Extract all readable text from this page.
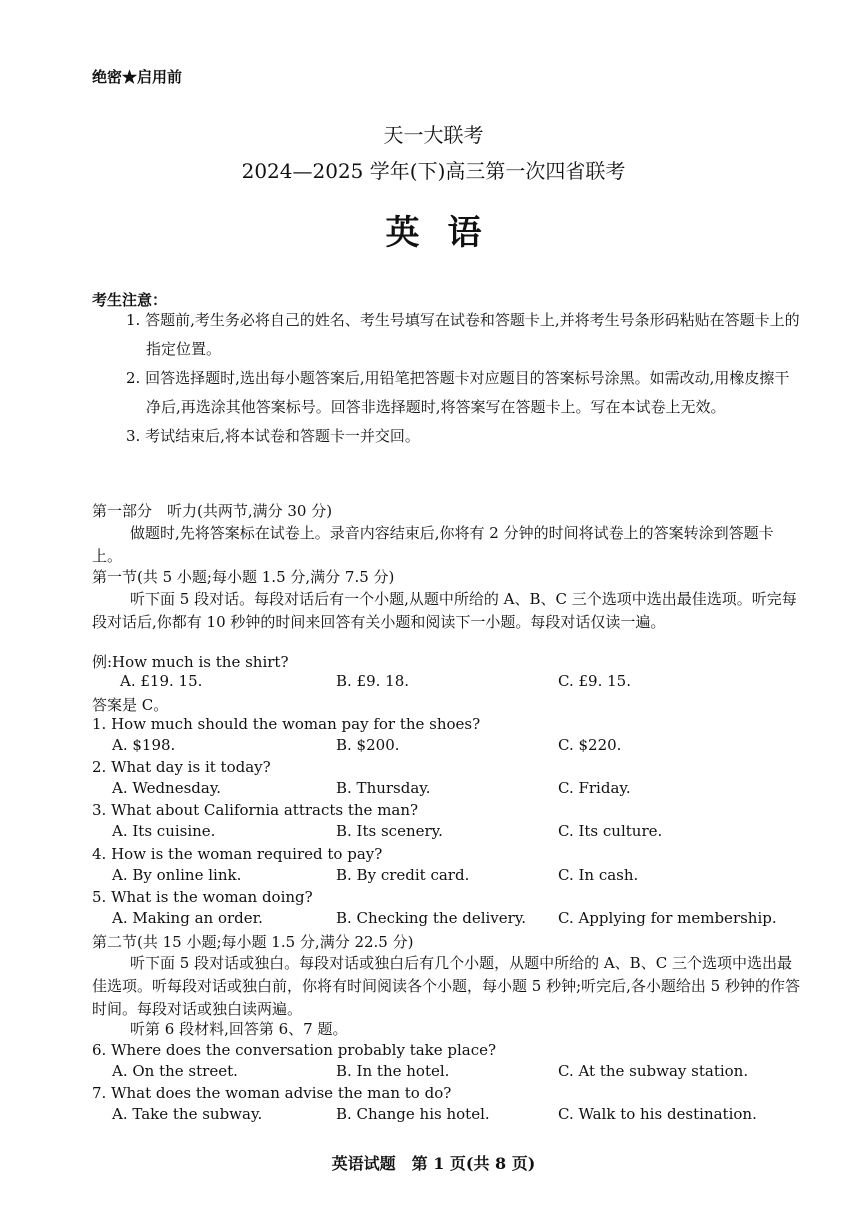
绝密★启用前
天一大联考
2024—2025 学年(下)高三第一次四省联考
英语
考生注意：
1. 答题前,考生务必将自己的姓名、考生号填写在试卷和答题卡上,并将考生号条形码粘贴在答题卡上的指定位置。
2. 回答选择题时,选出每小题答案后,用铅笔把答题卡对应题目的答案标号涂黑。如需改动,用橡皮擦干净后,再选涂其他答案标号。回答非选择题时,将答案写在答题卡上。写在本试卷上无效。
3. 考试结束后,将本试卷和答题卡一并交回。
第一部分　听力(共两节,满分 30 分)
做题时,先将答案标在试卷上。录音内容结束后,你将有 2 分钟的时间将试卷上的答案转涂到答题卡上。
第一节(共 5 小题;每小题 1.5 分,满分 7.5 分)
听下面 5 段对话。每段对话后有一个小题,从题中所给的 A、B、C 三个选项中选出最佳选项。听完每段对话后,你都有 10 秒钟的时间来回答有关小题和阅读下一小题。每段对话仅读一遍。
例:How much is the shirt?
A. £19. 15.	B. £9. 18.	C. £9. 15.
答案是 C。
1. How much should the woman pay for the shoes?
A. $198.	B. $200.	C. $220.
2. What day is it today?
A. Wednesday.	B. Thursday.	C. Friday.
3. What about California attracts the man?
A. Its cuisine.	B. Its scenery.	C. Its culture.
4. How is the woman required to pay?
A. By online link.	B. By credit card.	C. In cash.
5. What is the woman doing?
A. Making an order.	B. Checking the delivery. C. Applying for membership.
第二节(共 15 小题;每小题 1.5 分,满分 22.5 分)
听下面 5 段对话或独白。每段对话或独白后有几个小题，从题中所给的 A、B、C 三个选项中选出最佳选项。听每段对话或独白前，你将有时间阅读各个小题，每小题 5 秒钟;听完后,各小题给出 5 秒钟的作答时间。每段对话或独白读两遍。
听第 6 段材料,回答第 6、7 题。
6. Where does the conversation probably take place?
A. On the street.	B. In the hotel.	C. At the subway station.
7. What does the woman advise the man to do?
A. Take the subway.	B. Change his hotel.	C. Walk to his destination.
英语试题　第 1 页(共 8 页)
